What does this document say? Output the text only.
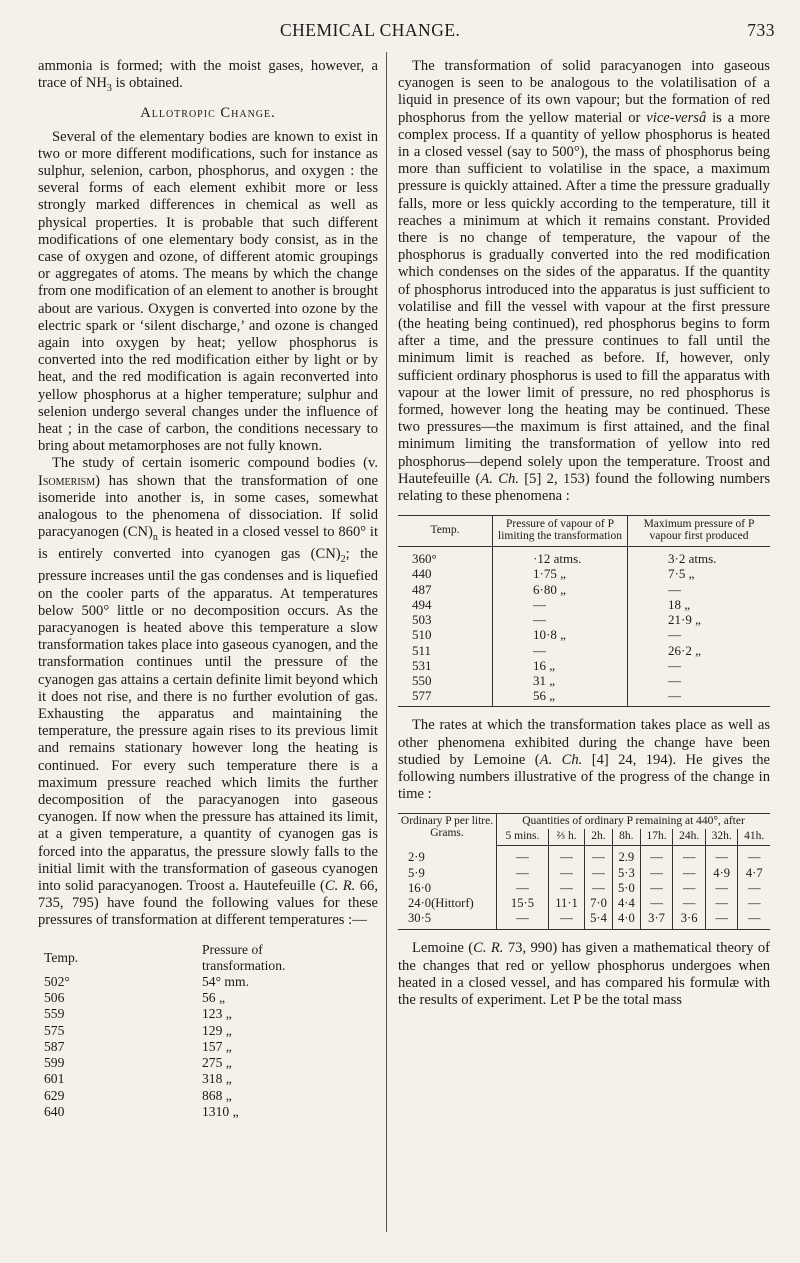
CHEMICAL CHANGE.	733

ammonia is formed; with the moist gases, however, a trace of $NH_3$ is obtained.

Allotropic Change.

Several of the elementary bodies are known to exist in two or more different modifications, such for instance as sulphur, selenion, carbon, phosphorus, and oxygen : the several forms of each element exhibit more or less strongly marked differences in chemical as well as physical properties. It is probable that such different modifications of one elementary body consist, as in the case of oxygen and ozone, of different atomic groupings or aggregates of atoms. The means by which the change from one modification of an element to another is brought about are various. Oxygen is converted into ozone by the electric spark or ‘silent discharge,’ and ozone is changed again into oxygen by heat; yellow phosphorus is converted into the red modification either by light or by heat, and the red modification is again reconverted into yellow phosphorus at a higher temperature; sulphur and selenion undergo several changes under the influence of heat ; in the case of carbon, the conditions necessary to bring about metamorphoses are not fully known.

The study of certain isomeric compound bodies (v. Isomerism) has shown that the transformation of one isomeride into another is, in some cases, somewhat analogous to the phenomena of dissociation. If solid paracyanogen $(CN)_n$ is heated in a closed vessel to 860° it is entirely converted into cyanogen gas $(CN)_2$; the pressure increases until the gas condenses and is liquefied on the cooler parts of the apparatus. At temperatures below 500° little or no decomposition occurs. As the paracyanogen is heated above this temperature a slow transformation takes place into gaseous cyanogen, and the transformation continues until the pressure of the cyanogen gas attains a certain definite limit beyond which it does not rise, and there is no further evolution of gas. Exhausting the apparatus and maintaining the temperature, the pressure again rises to its previous limit and remains stationary however long the heating is continued. For every such temperature there is a maximum pressure reached which limits the further decomposition of the paracyanogen into gaseous cyanogen. If now when the pressure has attained its limit, at a given temperature, a quantity of cyanogen gas is forced into the apparatus, the pressure slowly falls to the initial limit with the transformation of gaseous cyanogen into solid paracyanogen. Troost a. Hautefeuille (C. R. 66, 735, 795) have found the following values for these pressures of transformation at different temperatures :—

Temp.	Pressure of transformation.
502°	54° mm.
506	56 „
559	123 „
575	129 „
587	157 „
599	275 „
601	318 „
629	868 „
640	1310 „

The transformation of solid paracyanogen into gaseous cyanogen is seen to be analogous to the volatilisation of a liquid in presence of its own vapour; but the formation of red phosphorus from the yellow material or vice-versâ is a more complex process. If a quantity of yellow phosphorus is heated in a closed vessel (say to 500°), the mass of phosphorus being more than sufficient to volatilise in the space, a maximum pressure is quickly attained. After a time the pressure gradually falls, more or less quickly according to the temperature, till it reaches a minimum at which it remains constant. Provided there is no change of temperature, the vapour of the phosphorus is gradually converted into the red modification which condenses on the sides of the apparatus. If the quantity of phosphorus introduced into the apparatus is just sufficient to volatilise and fill the vessel with vapour at the first pressure (the heating being continued), red phosphorus begins to form after a time, and the pressure continues to fall until the minimum limit is reached as before. If, however, only sufficient ordinary phosphorus is used to fill the apparatus with vapour at the lower limit of pressure, no red phosphorus is formed, however long the heating may be continued. These two pressures—the maximum is first attained, and the final minimum limiting the transformation of yellow into red phosphorus—depend solely upon the temperature. Troost and Hautefeuille (A. Ch. [5] 2, 153) found the following numbers relating to these phenomena :

Temp.	Pressure of vapour of P limiting the transformation	Maximum pressure of P vapour first produced
360°	·12 atms.	3·2 atms.
440	1·75 „	7·5 „
487	6·80 „	—
494	—	18 „
503	—	21·9 „
510	10·8 „	—
511	—	26·2 „
531	16 „	—
550	31 „	—
577	56 „	—

The rates at which the transformation takes place as well as other phenomena exhibited during the change have been studied by Lemoine (A. Ch. [4] 24, 194). He gives the following numbers illustrative of the progress of the change in time :

Ordinary P per litre. Grams.	Quantities of ordinary P remaining at 440°, after							
	5 mins.	⅔ h.	2h.	8h.	17h.	24h.	32h.	41h.
2·9	—	—	—	2.9	—	—	—	—
5·9	—	—	—	5·3	—	—	4·9	4·7
16·0	—	—	—	5·0	—	—	—	—
24·0(Hittorf)	15·5	11·1	7·0	4·4	—	—	—	—
30·5	—	—	5·4	4·0	3·7	3·6	—	—

Lemoine (C. R. 73, 990) has given a mathematical theory of the changes that red or yellow phosphorus undergoes when heated in a closed vessel, and has compared his formulæ with the results of experiment. Let P be the total mass
